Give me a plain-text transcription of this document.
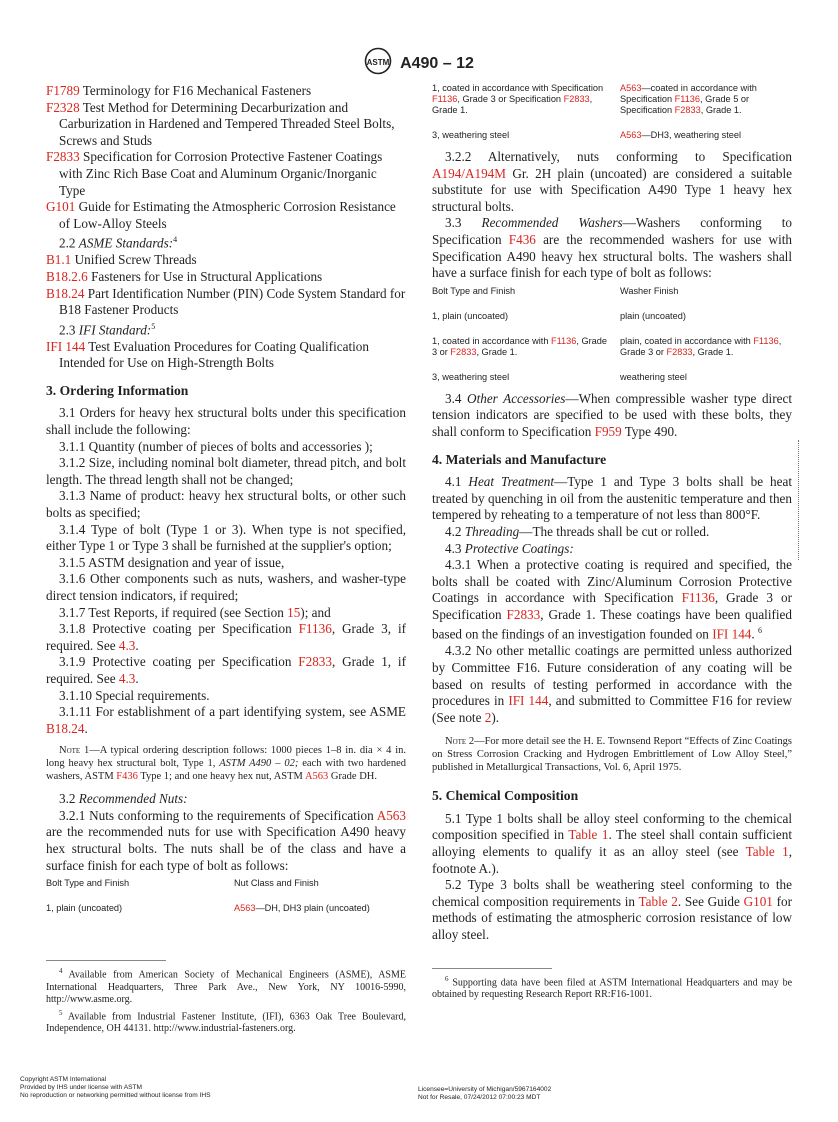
ASTM A490 – 12

F1789 Terminology for F16 Mechanical Fasteners

F2328 Test Method for Determining Decarburization and Carburization in Hardened and Tempered Threaded Steel Bolts, Screws and Studs

F2833 Specification for Corrosion Protective Fastener Coatings with Zinc Rich Base Coat and Aluminum Organic/Inorganic Type

G101 Guide for Estimating the Atmospheric Corrosion Resistance of Low-Alloy Steels

2.2 ASME Standards:$^4$

B1.1 Unified Screw Threads

B18.2.6 Fasteners for Use in Structural Applications

B18.24 Part Identification Number (PIN) Code System Standard for B18 Fastener Products

2.3 IFI Standard:$^5$

IFI 144 Test Evaluation Procedures for Coating Qualification Intended for Use on High-Strength Bolts

3. Ordering Information

3.1 Orders for heavy hex structural bolts under this specification shall include the following:

3.1.1 Quantity (number of pieces of bolts and accessories );

3.1.2 Size, including nominal bolt diameter, thread pitch, and bolt length. The thread length shall not be changed;

3.1.3 Name of product: heavy hex structural bolts, or other such bolts as specified;

3.1.4 Type of bolt (Type 1 or 3). When type is not specified, either Type 1 or Type 3 shall be furnished at the supplier's option;

3.1.5 ASTM designation and year of issue,

3.1.6 Other components such as nuts, washers, and washer-type direct tension indicators, if required;

3.1.7 Test Reports, if required (see Section 15); and

3.1.8 Protective coating per Specification F1136, Grade 3, if required. See 4.3.

3.1.9 Protective coating per Specification F2833, Grade 1, if required. See 4.3.

3.1.10 Special requirements.

3.1.11 For establishment of a part identifying system, see ASME B18.24.

Note 1—A typical ordering description follows: 1000 pieces 1–8 in. dia × 4 in. long heavy hex structural bolt, Type 1, ASTM A490 – 02; each with two hardened washers, ASTM F436 Type 1; and one heavy hex nut, ASTM A563 Grade DH.

3.2 Recommended Nuts:

3.2.1 Nuts conforming to the requirements of Specification A563 are the recommended nuts for use with Specification A490 heavy hex structural bolts. The nuts shall be of the class and have a surface finish for each type of bolt as follows:

Bolt Type and Finish	Nut Class and Finish
1, plain (uncoated)	A563—DH, DH3 plain (uncoated)

$^4$ Available from American Society of Mechanical Engineers (ASME), ASME International Headquarters, Three Park Ave., New York, NY 10016-5990, http://www.asme.org.

$^5$ Available from Industrial Fastener Institute, (IFI), 6363 Oak Tree Boulevard, Independence, OH 44131. http://www.industrial-fasteners.org.

1, coated in accordance with Specification F1136, Grade 3 or Specification F2833, Grade 1.	A563—coated in accordance with Specification F1136, Grade 5 or Specification F2833, Grade 1.
3, weathering steel	A563—DH3, weathering steel

3.2.2 Alternatively, nuts conforming to Specification A194/A194M Gr. 2H plain (uncoated) are considered a suitable substitute for use with Specification A490 Type 1 heavy hex structural bolts.

3.3 Recommended Washers—Washers conforming to Specification F436 are the recommended washers for use with Specification A490 heavy hex structural bolts. The washers shall have a surface finish for each type of bolt as follows:

Bolt Type and Finish	Washer Finish
1, plain (uncoated)	plain (uncoated)
1, coated in accordance with F1136, Grade 3 or F2833, Grade 1.	plain, coated in accordance with F1136, Grade 3 or F2833, Grade 1.
3, weathering steel	weathering steel

3.4 Other Accessories—When compressible washer type direct tension indicators are specified to be used with these bolts, they shall conform to Specification F959 Type 490.

4. Materials and Manufacture

4.1 Heat Treatment—Type 1 and Type 3 bolts shall be heat treated by quenching in oil from the austenitic temperature and then tempered by reheating to a temperature of not less than 800°F.

4.2 Threading—The threads shall be cut or rolled.

4.3 Protective Coatings:

4.3.1 When a protective coating is required and specified, the bolts shall be coated with Zinc/Aluminum Corrosion Protective Coatings in accordance with Specification F1136, Grade 3 or Specification F2833, Grade 1. These coatings have been qualified based on the findings of an investigation founded on IFI 144. $^6$

4.3.2 No other metallic coatings are permitted unless authorized by Committee F16. Future consideration of any coating will be based on results of testing performed in accordance with the procedures in IFI 144, and submitted to Committee F16 for review (See note 2).

Note 2—For more detail see the H. E. Townsend Report “Effects of Zinc Coatings on Stress Corrosion Cracking and Hydrogen Embrittlement of Low Alloy Steel,” published in Metallurgical Transactions, Vol. 6, April 1975.

5. Chemical Composition

5.1 Type 1 bolts shall be alloy steel conforming to the chemical composition specified in Table 1. The steel shall contain sufficient alloying elements to qualify it as an alloy steel (see Table 1, footnote A.).

5.2 Type 3 bolts shall be weathering steel conforming to the chemical composition requirements in Table 2. See Guide G101 for methods of estimating the atmospheric corrosion resistance of low alloy steel.

$^6$ Supporting data have been filed at ASTM International Headquarters and may be obtained by requesting Research Report RR:F16-1001.

Copyright ASTM International
Provided by IHS under license with ASTM
No reproduction or networking permitted without license from IHS
Licensee=University of Michigan/5967164002
Not for Resale, 07/24/2012 07:00:23 MDT
